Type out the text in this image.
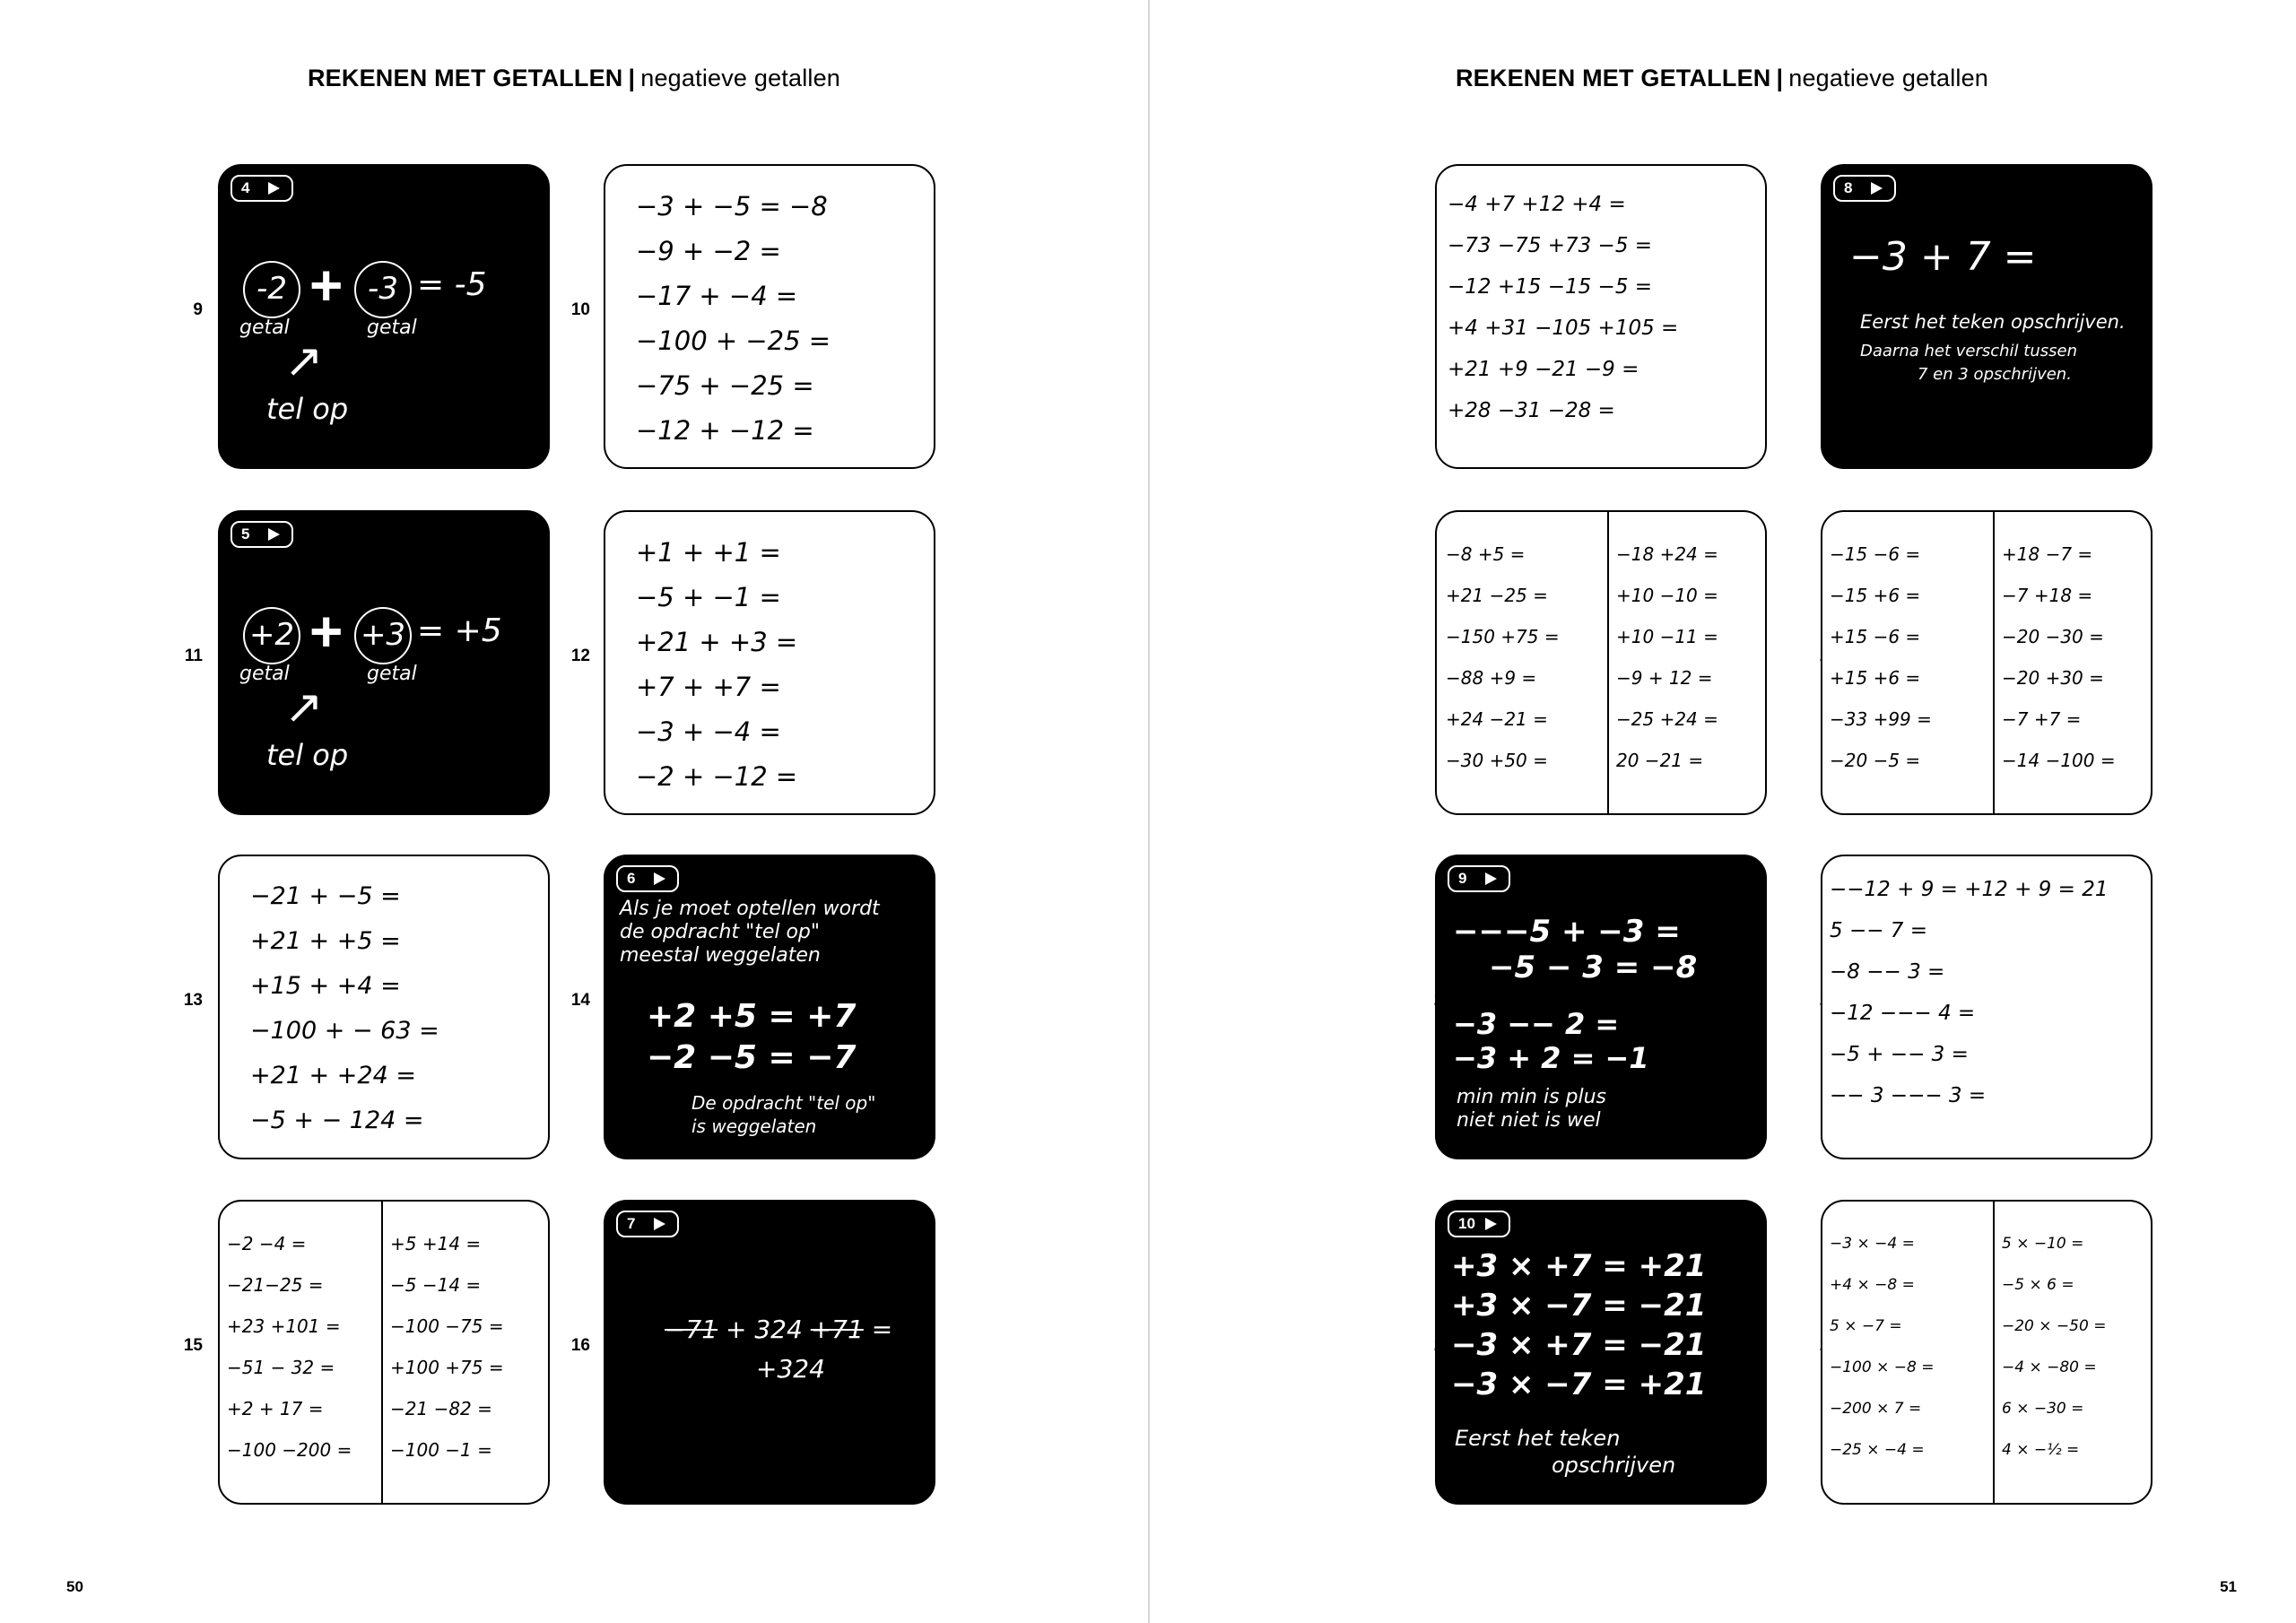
REKENEN MET GETALLEN | negatieve getallen
9
4
-2 + -3 = -5
getal	getal
↗
tel op
10
−3 + −5 = −8
−9 + −2 =
−17 + −4 =
−100 + −25 =
−75 + −25 =
−12 + −12 =
11
5
+2 + +3 = +5
getal	getal
↗
tel op
12
+1 + +1 =
−5 + −1 =
+21 + +3 =
+7 + +7 =
−3 + −4 =
−2 + −12 =
13
−21 + −5 =
+21 + +5 =
+15 + +4 =
−100 + − 63 =
+21 + +24 =
−5 + − 124 =
14
6
Als je moet optellen wordt
de opdracht "tel op"
meestal weggelaten
+2 +5 = +7
−2 −5 = −7
De opdracht "tel op"
is weggelaten
15
−2 −4 =
−21−25 =
+23 +101 =
−51 − 32 =
+2 + 17 =
−100 −200 =
+5 +14 =
−5 −14 =
−100 −75 =
+100 +75 =
−21 −82 =
−100 −1 =
16
7
−71 + 324 +71 =
+324
50
REKENEN MET GETALLEN | negatieve getallen
−4 +7 +12 +4 =
−73 −75 +73 −5 =
−12 +15 −15 −5 =
+4 +31 −105 +105 =
+21 +9 −21 −9 =
+28 −31 −28 =
8
−3 + 7 =
Eerst het teken opschrijven.
Daarna het verschil tussen
7 en 3 opschrijven.
−8 +5 =
+21 −25 =
−150 +75 =
−88 +9 =
+24 −21 =
−30 +50 =
−18 +24 =
+10 −10 =
+10 −11 =
−9 + 12 =
−25 +24 =
20 −21 =
−15 −6 =
−15 +6 =
+15 −6 =
+15 +6 =
−33 +99 =
−20 −5 =
+18 −7 =
−7 +18 =
−20 −30 =
−20 +30 =
−7 +7 =
−14 −100 =
9
−−−5 + −3 =
−5 − 3 = −8
−3 −− 2 =
−3 + 2 = −1
min min is plus
niet niet is wel
−−12 + 9 = +12 + 9 = 21
5 −− 7 =
−8 −− 3 =
−12 −−− 4 =
−5 + −− 3 =
−− 3 −−− 3 =
10
+3 × +7 = +21
+3 × −7 = −21
−3 × +7 = −21
−3 × −7 = +21
Eerst het teken
opschrijven
−3 × −4 =
+4 × −8 =
5 × −7 =
−100 × −8 =
−200 × 7 =
−25 × −4 =
5 × −10 =
−5 × 6 =
−20 × −50 =
−4 × −80 =
6 × −30 =
4 × −½ =
51
